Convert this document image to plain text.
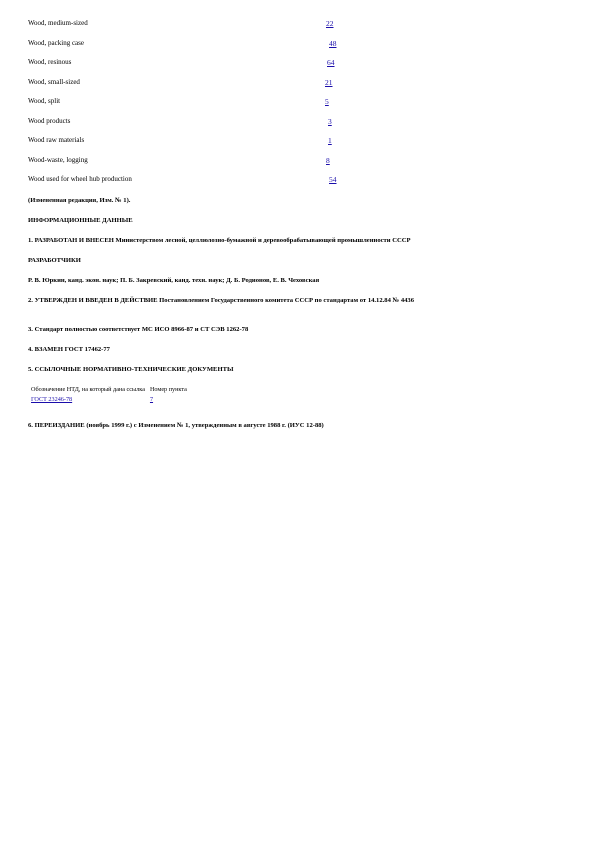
Wood, medium-sized	22
Wood, packing case	48
Wood, resinous	64
Wood, small-sized	21
Wood, split	5
Wood products	3
Wood raw materials	1
Wood-waste, logging	8
Wood used for wheel hub production	54
(Измененная редакция, Изм. № 1).
ИНФОРМАЦИОННЫЕ ДАННЫЕ
1. РАЗРАБОТАН И ВНЕСЕН Министерством лесной, целлюлозно-бумажной и деревообрабатывающей промышленности СССР
РАЗРАБОТЧИКИ
Р. В. Юркин, канд. экон. наук; П. Б. Закревский, канд. техн. наук; Д. Б. Родионов, Е. В. Чеховская
2. УТВЕРЖДЕН И ВВЕДЕН В ДЕЙСТВИЕ Постановлением Государственного комитета СССР по стандартам от 14.12.84 № 4436
3. Стандарт полностью соответствует МС ИСО 8966-87 и СТ СЭВ 1262-78
4. ВЗАМЕН ГОСТ 17462-77
5. ССЫЛОЧНЫЕ НОРМАТИВНО-ТЕХНИЧЕСКИЕ ДОКУМЕНТЫ
Обозначение НТД, на который дана ссылка	Номер пункта
ГОСТ 23246-78	7
6. ПЕРЕИЗДАНИЕ (ноябрь 1999 г.) с Изменением № 1, утвержденным в августе 1988 г. (ИУС 12-88)
